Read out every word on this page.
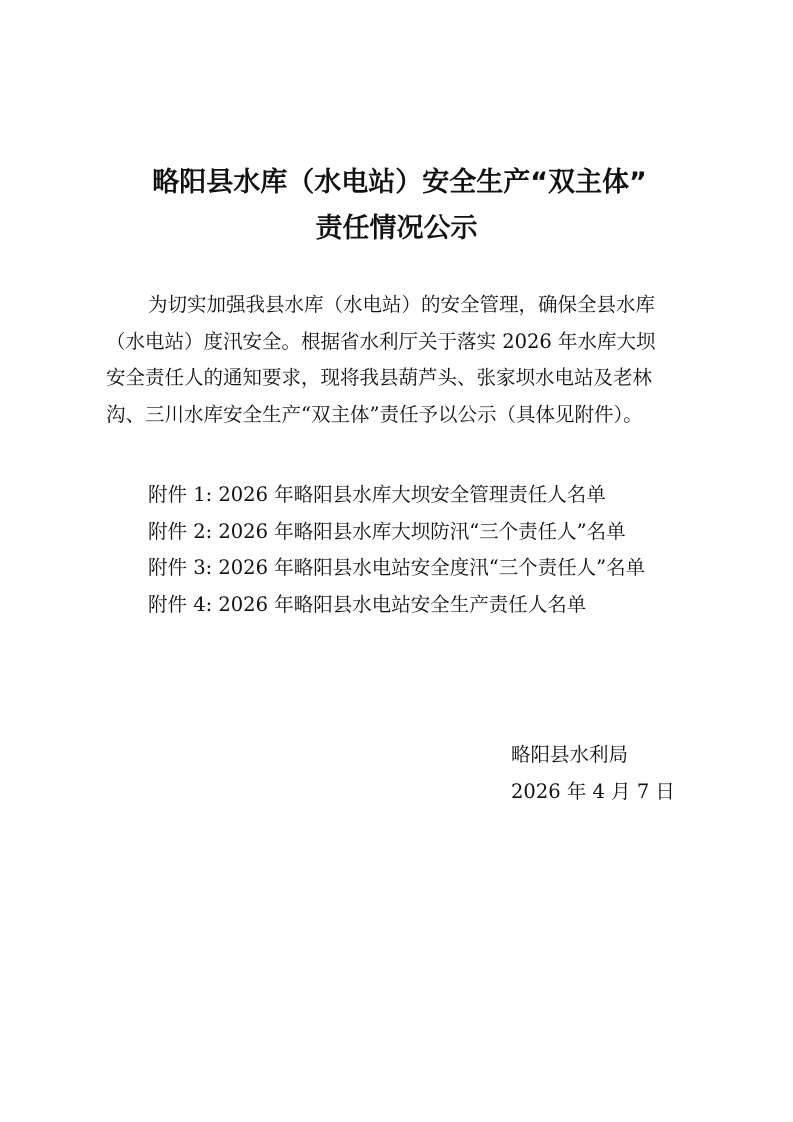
略阳县水库（水电站）安全生产“双主体”
责任情况公示
为切实加强我县水库（水电站）的安全管理，确保全县水库
（水电站）度汛安全。根据省水利厅关于落实 2026 年水库大坝
安全责任人的通知要求，现将我县葫芦头、张家坝水电站及老林
沟、三川水库安全生产“双主体”责任予以公示（具体见附件）。
附件 1: 2026 年略阳县水库大坝安全管理责任人名单
附件 2: 2026 年略阳县水库大坝防汛“三个责任人”名单
附件 3: 2026 年略阳县水电站安全度汛“三个责任人”名单
附件 4: 2026 年略阳县水电站安全生产责任人名单
略阳县水利局
2026 年 4 月 7 日
